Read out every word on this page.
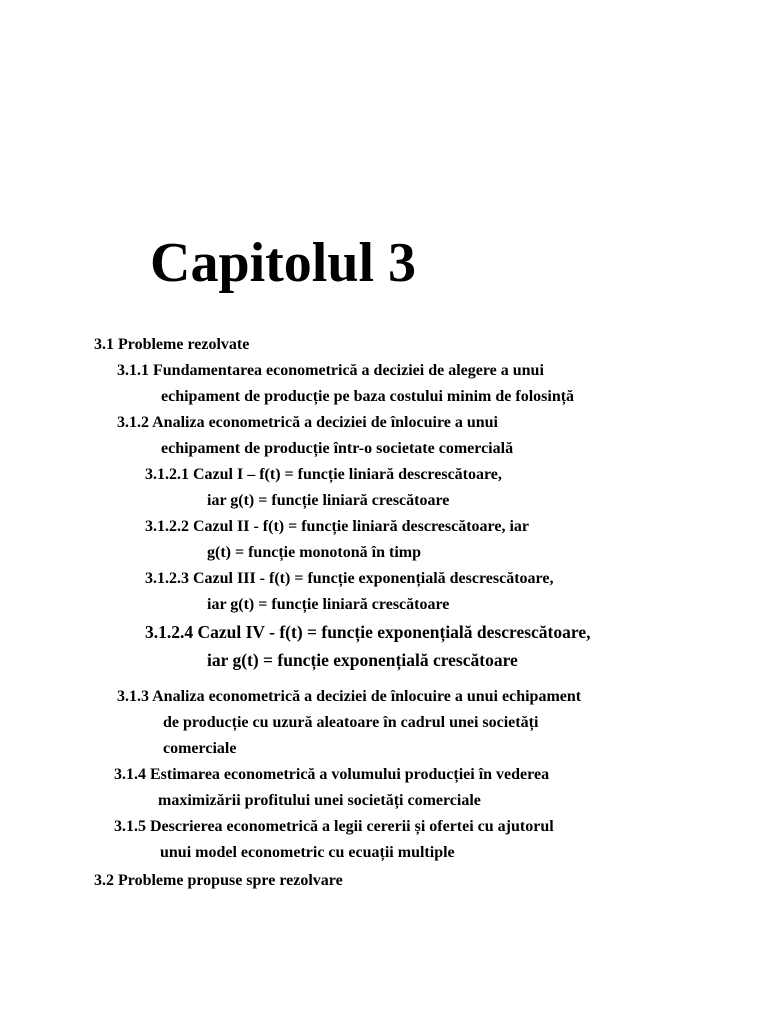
Capitolul 3
3.1 Probleme rezolvate
3.1.1 Fundamentarea econometrică a deciziei de alegere a unui
echipament de producție pe baza costului minim de folosință
3.1.2 Analiza econometrică a deciziei de înlocuire a unui
echipament de producție într-o societate comercială
3.1.2.1 Cazul I – f(t) = funcție liniară descrescătoare,
iar g(t) = funcție liniară crescătoare
3.1.2.2 Cazul II - f(t) = funcție liniară descrescătoare, iar
g(t) = funcție monotonă în timp
3.1.2.3 Cazul III - f(t) = funcție exponențială descrescătoare,
iar g(t) = funcție liniară crescătoare
3.1.2.4 Cazul IV - f(t) = funcție exponențială descrescătoare,
iar g(t) = funcție exponențială crescătoare
3.1.3 Analiza econometrică a deciziei de înlocuire a unui echipament
de producție cu uzură aleatoare în cadrul unei societăți
comerciale
3.1.4 Estimarea econometrică a volumului producției în vederea
maximizării profitului unei societăți comerciale
3.1.5 Descrierea econometrică a legii cererii și ofertei cu ajutorul
unui model econometric cu ecuații multiple
3.2 Probleme propuse spre rezolvare
